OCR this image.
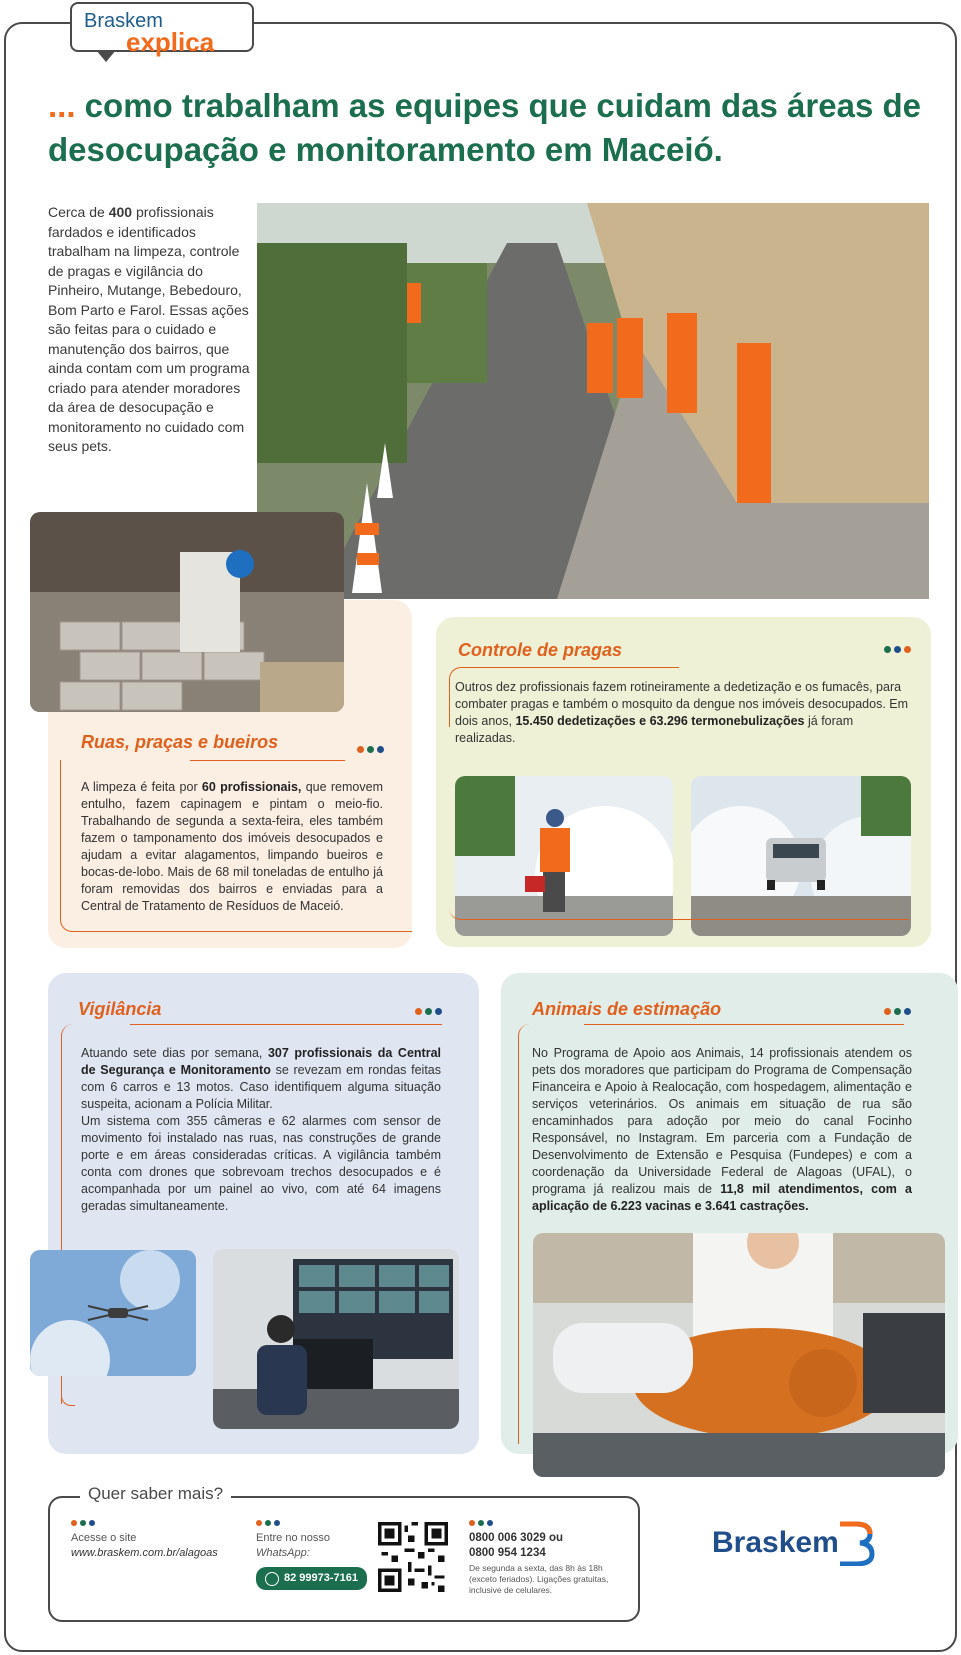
Braskem
explica
... como trabalham as equipes que cuidam das áreas de desocupação e monitoramento em Maceió.

Cerca de 400 profissionais fardados e identificados trabalham na limpeza, controle de pragas e vigilância do Pinheiro, Mutange, Bebedouro, Bom Parto e Farol. Essas ações são feitas para o cuidado e manutenção dos bairros, que ainda contam com um programa criado para atender moradores da área de desocupação e monitoramento no cuidado com seus pets.

Ruas, praças e bueiros

A limpeza é feita por 60 profissionais, que removem entulho, fazem capinagem e pintam o meio-fio. Trabalhando de segunda a sexta-feira, eles também fazem o tamponamento dos imóveis desocupados e ajudam a evitar alagamentos, limpando bueiros e bocas-de-lobo. Mais de 68 mil toneladas de entulho já foram removidas dos bairros e enviadas para a Central de Tratamento de Resíduos de Maceió.

Controle de pragas

Outros dez profissionais fazem rotineiramente a dedetização e os fumacês, para combater pragas e também o mosquito da dengue nos imóveis desocupados. Em dois anos, 15.450 dedetizações e 63.296 termonebulizações já foram realizadas.

Vigilância

Atuando sete dias por semana, 307 profissionais da Central de Segurança e Monitoramento se revezam em rondas feitas com 6 carros e 13 motos. Caso identifiquem alguma situação suspeita, acionam a Polícia Militar.
Um sistema com 355 câmeras e 62 alarmes com sensor de movimento foi instalado nas ruas, nas construções de grande porte e em áreas consideradas críticas. A vigilância também conta com drones que sobrevoam trechos desocupados e é acompanhada por um painel ao vivo, com até 64 imagens geradas simultaneamente.

Animais de estimação

No Programa de Apoio aos Animais, 14 profissionais atendem os pets dos moradores que participam do Programa de Compensação Financeira e Apoio à Realocação, com hospedagem, alimentação e serviços veterinários. Os animais em situação de rua são encaminhados para adoção por meio do canal Focinho Responsável, no Instagram. Em parceria com a Fundação de Desenvolvimento de Extensão e Pesquisa (Fundepes) e com a coordenação da Universidade Federal de Alagoas (UFAL), o programa já realizou mais de 11,8 mil atendimentos, com a aplicação de 6.223 vacinas e 3.641 castrações.

Quer saber mais?
Acesse o site
www.braskem.com.br/alagoas
Entre no nosso
WhatsApp:
82 99973-7161
0800 006 3029 ou
0800 954 1234
De segunda a sexta, das 8h às 18h (exceto feriados). Ligações gratuitas, inclusive de celulares.
Braskem
